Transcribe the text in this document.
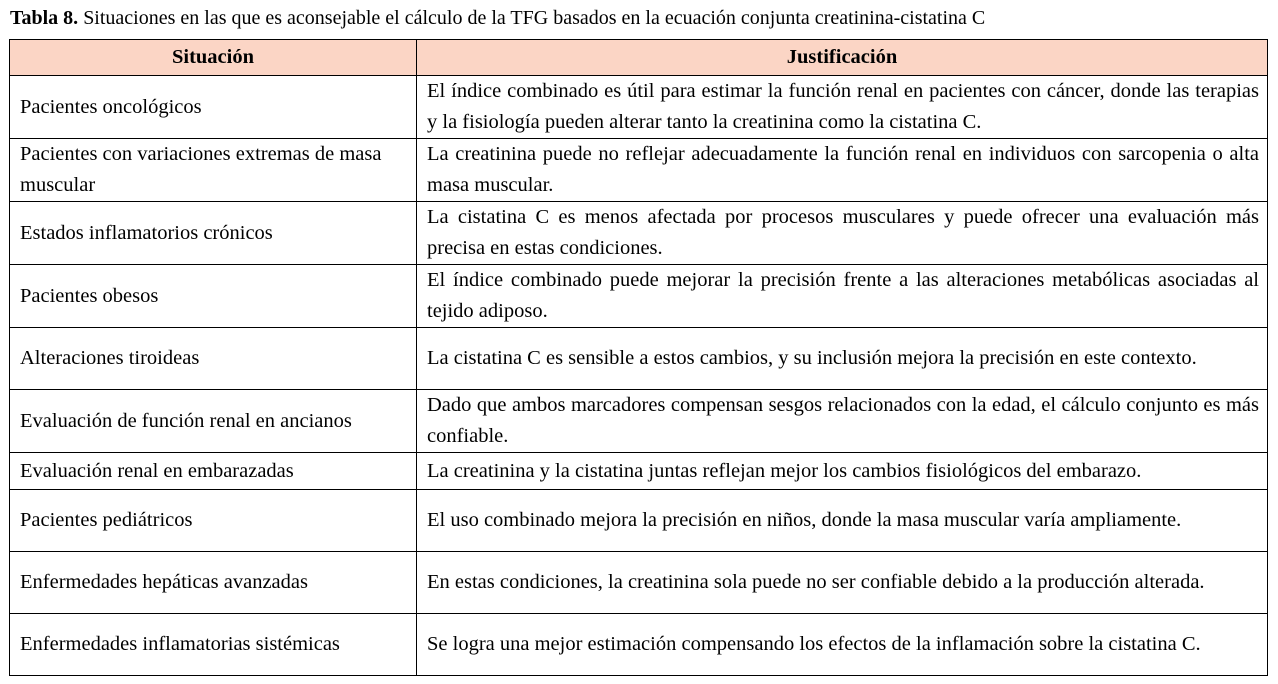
Tabla 8. Situaciones en las que es aconsejable el cálculo de la TFG basados en la ecuación conjunta creatinina-cistatina C
Situación	Justificación
Pacientes oncológicos	El índice combinado es útil para estimar la función renal en pacientes con cáncer, donde las terapias y la fisiología pueden alterar tanto la creatinina como la cistatina C.
Pacientes con variaciones extremas de masa muscular	La creatinina puede no reflejar adecuadamente la función renal en individuos con sarcopenia o alta masa muscular.
Estados inflamatorios crónicos	La cistatina C es menos afectada por procesos musculares y puede ofrecer una evaluación más precisa en estas condiciones.
Pacientes obesos	El índice combinado puede mejorar la precisión frente a las alteraciones metabólicas asociadas al tejido adiposo.
Alteraciones tiroideas	La cistatina C es sensible a estos cambios, y su inclusión mejora la precisión en este contexto.
Evaluación de función renal en ancianos	Dado que ambos marcadores compensan sesgos relacionados con la edad, el cálculo conjunto es más confiable.
Evaluación renal en embarazadas	La creatinina y la cistatina juntas reflejan mejor los cambios fisiológicos del embarazo.
Pacientes pediátricos	El uso combinado mejora la precisión en niños, donde la masa muscular varía ampliamente.
Enfermedades hepáticas avanzadas	En estas condiciones, la creatinina sola puede no ser confiable debido a la producción alterada.
Enfermedades inflamatorias sistémicas	Se logra una mejor estimación compensando los efectos de la inflamación sobre la cistatina C.
